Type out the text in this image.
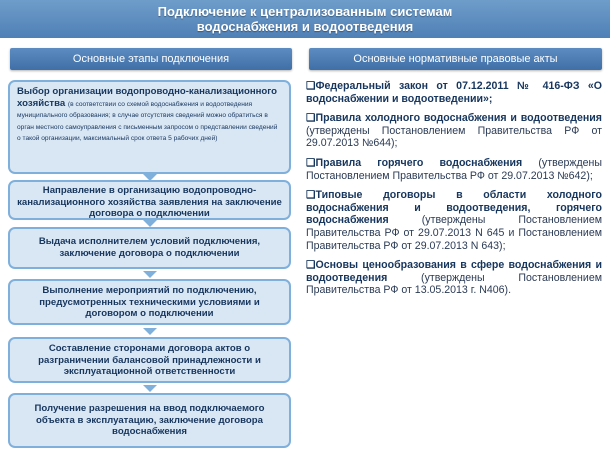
Подключение к централизованным системам
водоснабжения и водоотведения
Основные этапы подключения	Основные нормативные правовые акты
Выбор организации водопроводно-канализационного хозяйства (в соответствии со схемой водоснабжения и водоотведения муниципального образования; в случае отсутствия сведений можно обратиться в орган местного самоуправления с письменным запросом о представлении сведений о такой организации, максимальный срок ответа 5 рабочих дней)
Направление в организацию водопроводно-канализационного хозяйства заявления на заключение договора о подключении
Выдача исполнителем условий подключения, заключение договора о подключении
Выполнение мероприятий по подключению, предусмотренных техническими условиями и договором о подключении
Составление сторонами договора актов о разграничении балансовой принадлежности и эксплуатационной ответственности
Получение разрешения на ввод подключаемого объекта в эксплуатацию, заключение договора водоснабжения
❑Федеральный закон от 07.12.2011 № 416-ФЗ «О водоснабжении и водоотведении»;
❑Правила холодного водоснабжения и водоотведения (утверждены Постановлением Правительства РФ от 29.07.2013 №644);
❑Правила горячего водоснабжения (утверждены Постановлением Правительства РФ от 29.07.2013 №642);
❑Типовые договоры в области холодного водоснабжения и водоотведения, горячего водоснабжения (утверждены Постановлением Правительства РФ от 29.07.2013 N 645 и Постановлением Правительства РФ от 29.07.2013 N 643);
❑Основы ценообразования в сфере водоснабжения и водоотведения (утверждены Постановлением Правительства РФ от 13.05.2013 г. N406).
